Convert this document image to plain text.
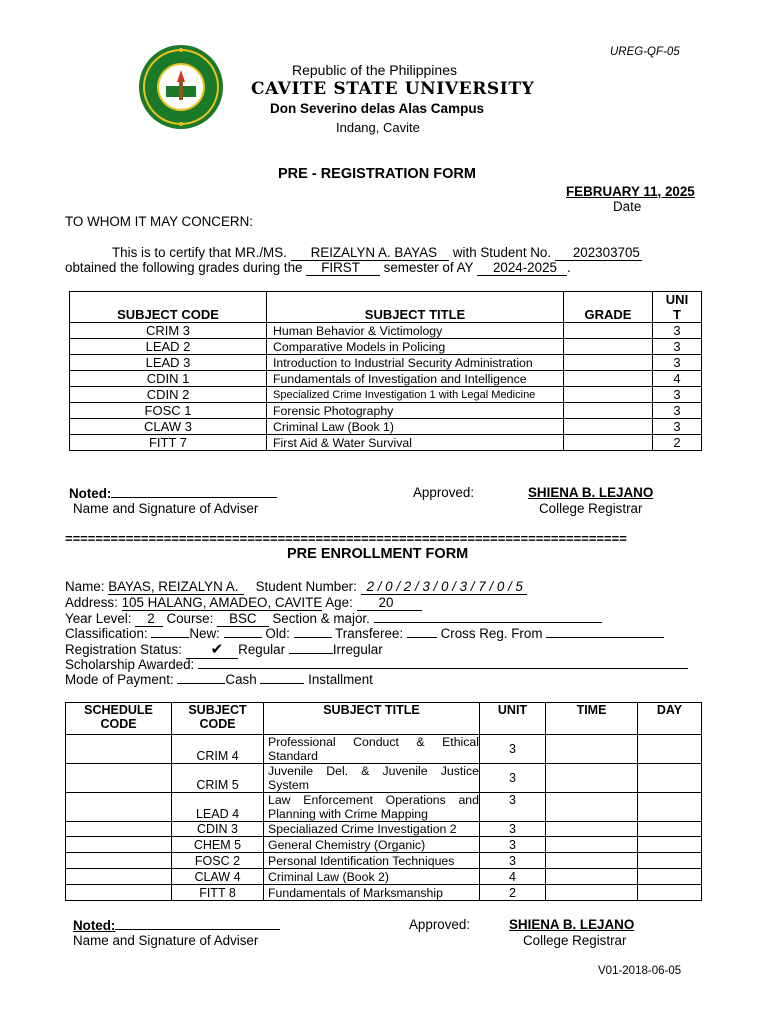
UREG-QF-05
Republic of the Philippines
CAVITE STATE UNIVERSITY
Don Severino delas Alas Campus
Indang, Cavite
PRE - REGISTRATION FORM
FEBRUARY 11, 2025
Date
TO WHOM IT MAY CONCERN:
This is to certify that MR./MS. REIZALYN A. BAYAS with Student No. 202303705
obtained the following grades during the FIRST semester of AY 2024-2025 .
SUBJECT CODE	SUBJECT TITLE	GRADE	UNI
T
CRIM 3	Human Behavior & Victimology		3
LEAD 2	Comparative Models in Policing		3
LEAD 3	Introduction to Industrial Security Administration		3
CDIN 1	Fundamentals of Investigation and Intelligence		4
CDIN 2	Specialized Crime Investigation 1 with Legal Medicine		3
FOSC 1	Forensic Photography		3
CLAW 3	Criminal Law (Book 1)		3
FITT 7	First Aid & Water Survival		2
Noted:
Name and Signature of Adviser
Approved:	SHIENA B. LEJANO
College Registrar
==========================================================================
PRE ENROLLMENT FORM
Name: BAYAS, REIZALYN A. Student Number: 2 / 0 / 2 / 3 / 0 / 3 / 7 / 0 / 5
Address: 105 HALANG, AMADEO, CAVITE Age: 20
Year Level: 2 Course: BSC Section & major.
Classification:	New:	Old:	Transferee:	Cross Reg. From
Registration Status: ✔ Regular	Irregular
Scholarship Awarded:
Mode of Payment:	Cash	Installment
SCHEDULE
CODE	SUBJECT
CODE	SUBJECT TITLE	UNIT	TIME	DAY
	CRIM 4	Professional Conduct & Ethical Standard	3		
	CRIM 5	Juvenile Del. & Juvenile Justice System	3		
	LEAD 4	Law Enforcement Operations and Planning with Crime Mapping	3		
	CDIN 3	Specialiazed Crime Investigation 2	3		
	CHEM 5	General Chemistry (Organic)	3		
	FOSC 2	Personal Identification Techniques	3		
	CLAW 4	Criminal Law (Book 2)	4		
	FITT 8	Fundamentals of Marksmanship	2		
Noted:
Name and Signature of Adviser
Approved:	SHIENA B. LEJANO
College Registrar
V01-2018-06-05
